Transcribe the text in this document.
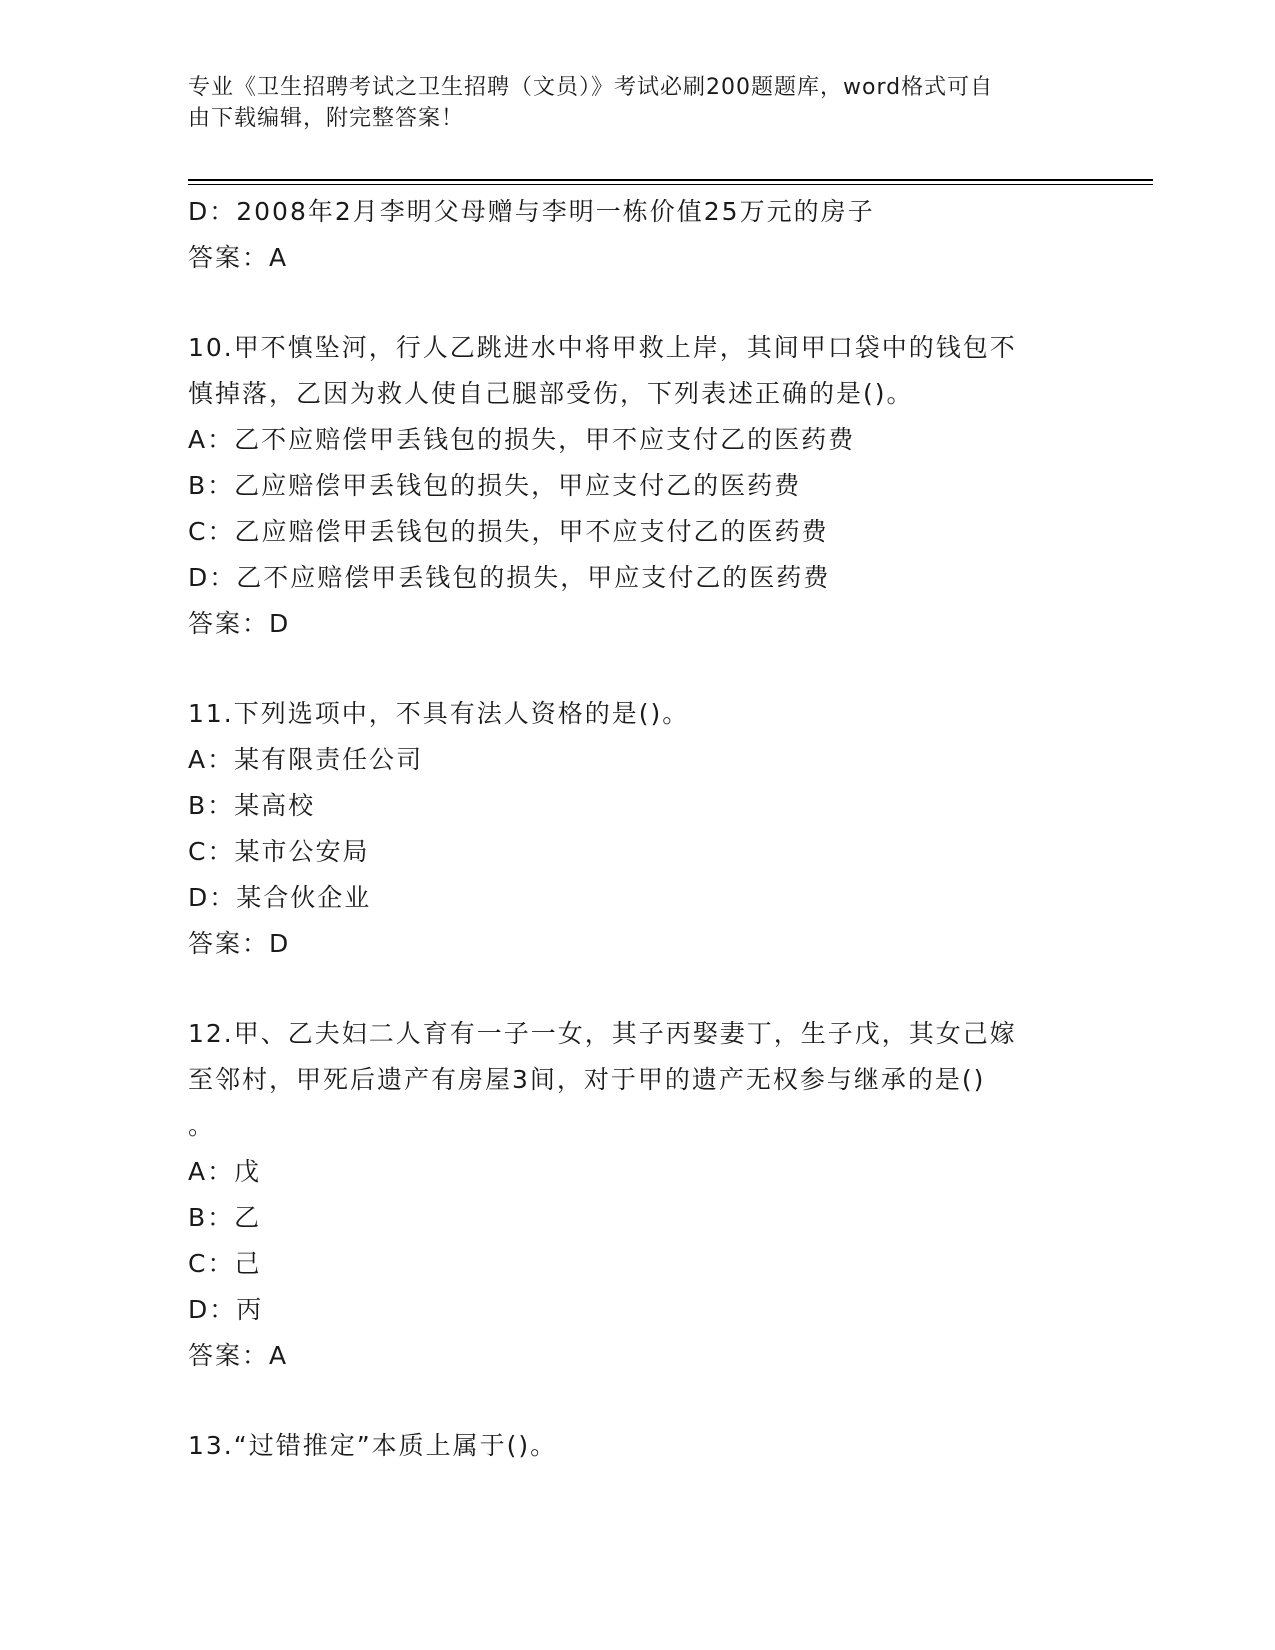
专业《卫生招聘考试之卫生招聘（文员）》考试必刷200题题库，word格式可自
由下载编辑，附完整答案！
D：2008年2月李明父母赠与李明一栋价值25万元的房子
答案：A
10.甲不慎坠河，行人乙跳进水中将甲救上岸，其间甲口袋中的钱包不
慎掉落，乙因为救人使自己腿部受伤，下列表述正确的是()。
A：乙不应赔偿甲丢钱包的损失，甲不应支付乙的医药费
B：乙应赔偿甲丢钱包的损失，甲应支付乙的医药费
C：乙应赔偿甲丢钱包的损失，甲不应支付乙的医药费
D：乙不应赔偿甲丢钱包的损失，甲应支付乙的医药费
答案：D
11.下列选项中，不具有法人资格的是()。
A：某有限责任公司
B：某高校
C：某市公安局
D：某合伙企业
答案：D
12.甲、乙夫妇二人育有一子一女，其子丙娶妻丁，生子戊，其女己嫁
至邻村，甲死后遗产有房屋3间，对于甲的遗产无权参与继承的是()
。
A：戊
B：乙
C：己
D：丙
答案：A
13.“过错推定”本质上属于()。
